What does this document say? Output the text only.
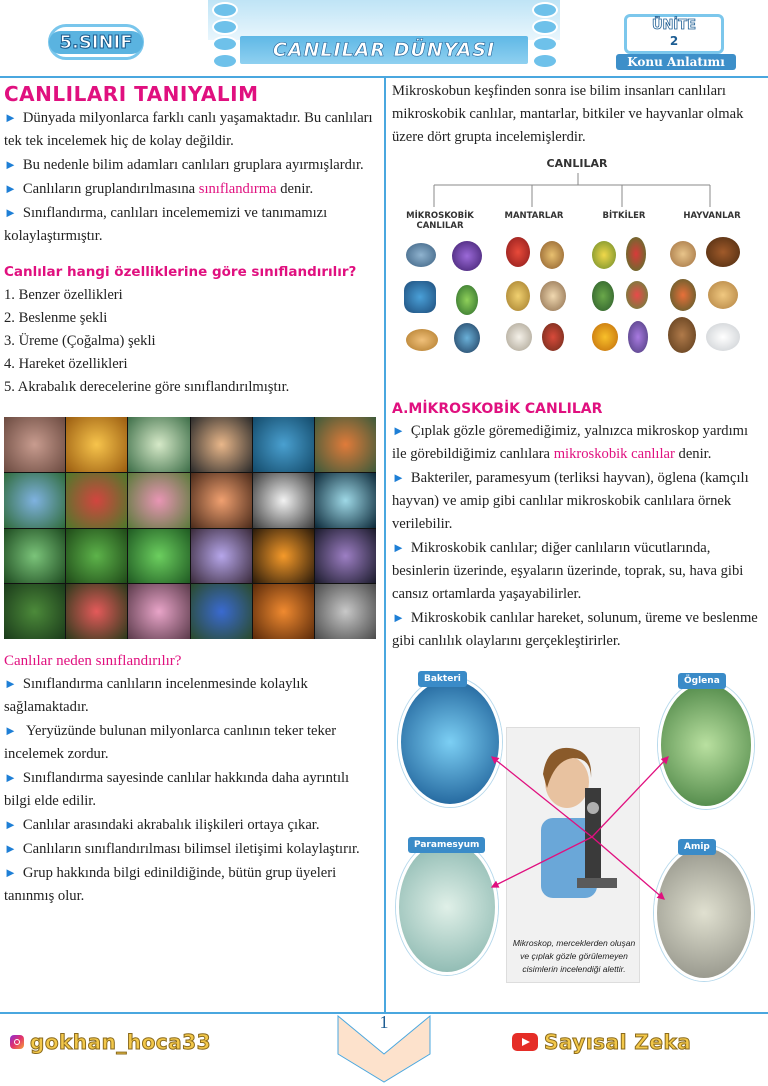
5.SINIF	CANLILAR DÜNYASI
ÜNİTE
2
Konu Anlatımı
CANLILARI TANIYALIM

► Dünyada milyonlarca farklı canlı yaşamaktadır. Bu canlıları tek tek incelemek hiç de kolay değildir.

► Bu nedenle bilim adamları canlıları gruplara ayırmışlardır.

► Canlıların gruplandırılmasına sınıflandırma denir.

► Sınıflandırma, canlıları incelememizi ve tanımamızı kolaylaştırmıştır.

Canlılar hangi özelliklerine göre sınıflandırılır?
1. Benzer özellikleri
2. Beslenme şekli
3. Üreme (Çoğalma) şekli
4. Hareket özellikleri
5. Akrabalık derecelerine göre sınıflandırılmıştır.
Canlılar neden sınıflandırılır?

► Sınıflandırma canlıların incelenmesinde kolaylık sağlamaktadır.

► Yeryüzünde bulunan milyonlarca canlının teker teker incelemek zordur.

► Sınıflandırma sayesinde canlılar hakkında daha ayrıntılı bilgi elde edilir.

► Canlılar arasındaki akrabalık ilişkileri ortaya çıkar.

► Canlıların sınıflandırılması bilimsel iletişimi kolaylaştırır.

► Grup hakkında bilgi edinildiğinde, bütün grup üyeleri tanınmış olur.

Mikroskobun keşfinden sonra ise bilim insanları canlıları mikroskobik canlılar, mantarlar, bitkiler ve hayvanlar olmak üzere dört grupta incelemişlerdir.

CANLILAR
MİKROSKOBİK CANLILAR
MANTARLAR	BİTKİLER	HAYVANLAR
A.MİKROSKOBİK CANLILAR

► Çıplak gözle göremediğimiz, yalnızca mikroskop yardımı ile görebildiğimiz canlılara mikroskobik canlılar denir.

► Bakteriler, paramesyum (terliksi hayvan), öglena (kamçılı hayvan) ve amip gibi canlılar mikroskobik canlılara örnek verilebilir.

► Mikroskobik canlılar; diğer canlıların vücutlarında, besinlerin üzerinde, eşyaların üzerinde, toprak, su, hava gibi cansız ortamlarda yaşayabilirler.

► Mikroskobik canlılar hareket, solunum, üreme ve beslenme gibi canlılık olaylarını gerçekleştirirler.

Bakteri	Öglena
Paramesyum	Amip
Mikroskop, merceklerden oluşan ve çıplak gözle görülemeyen cisimlerin incelendiği alettir.
1
gokhan_hoca33	Sayısal Zeka
